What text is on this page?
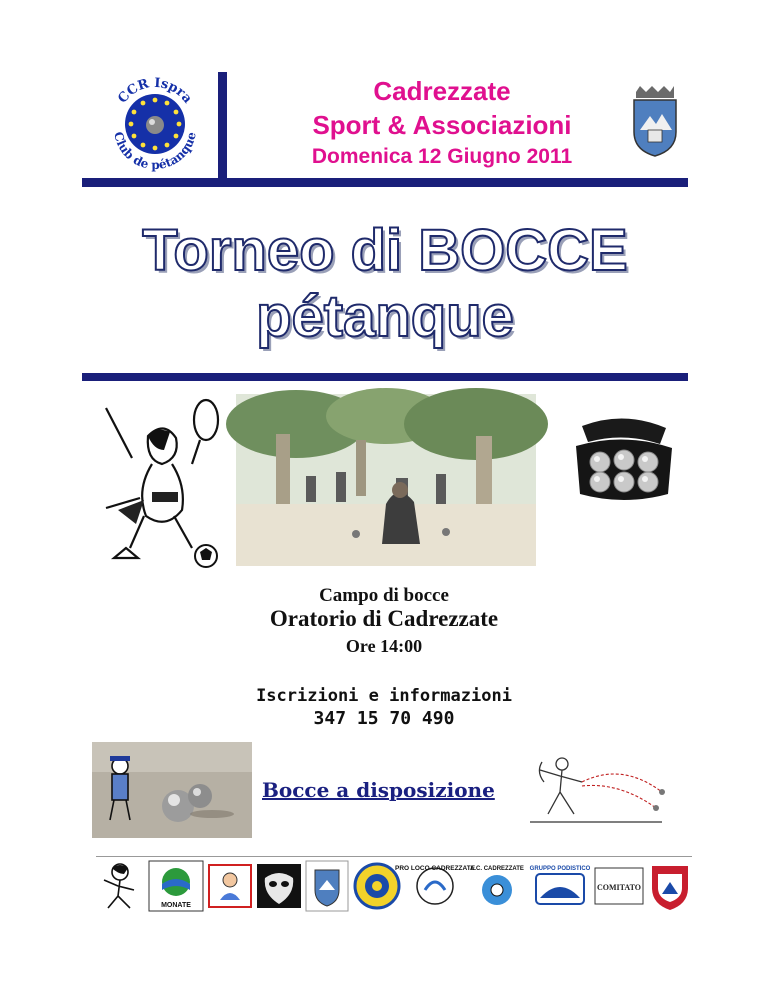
CCR Ispra
Club de pétanque
Cadrezzate
Sport & Associazioni
Domenica 12 Giugno 2011
Torneo di BOCCE
pétanque
Campo di bocce
Oratorio di Cadrezzate
Ore 14:00
Iscrizioni e informazioni
347 15 70 490
Bocce a disposizione
MONATE
PRO LOCO CADREZZATE
A.C. CADREZZATE GRUPPO PODISTICO
COMITATO
